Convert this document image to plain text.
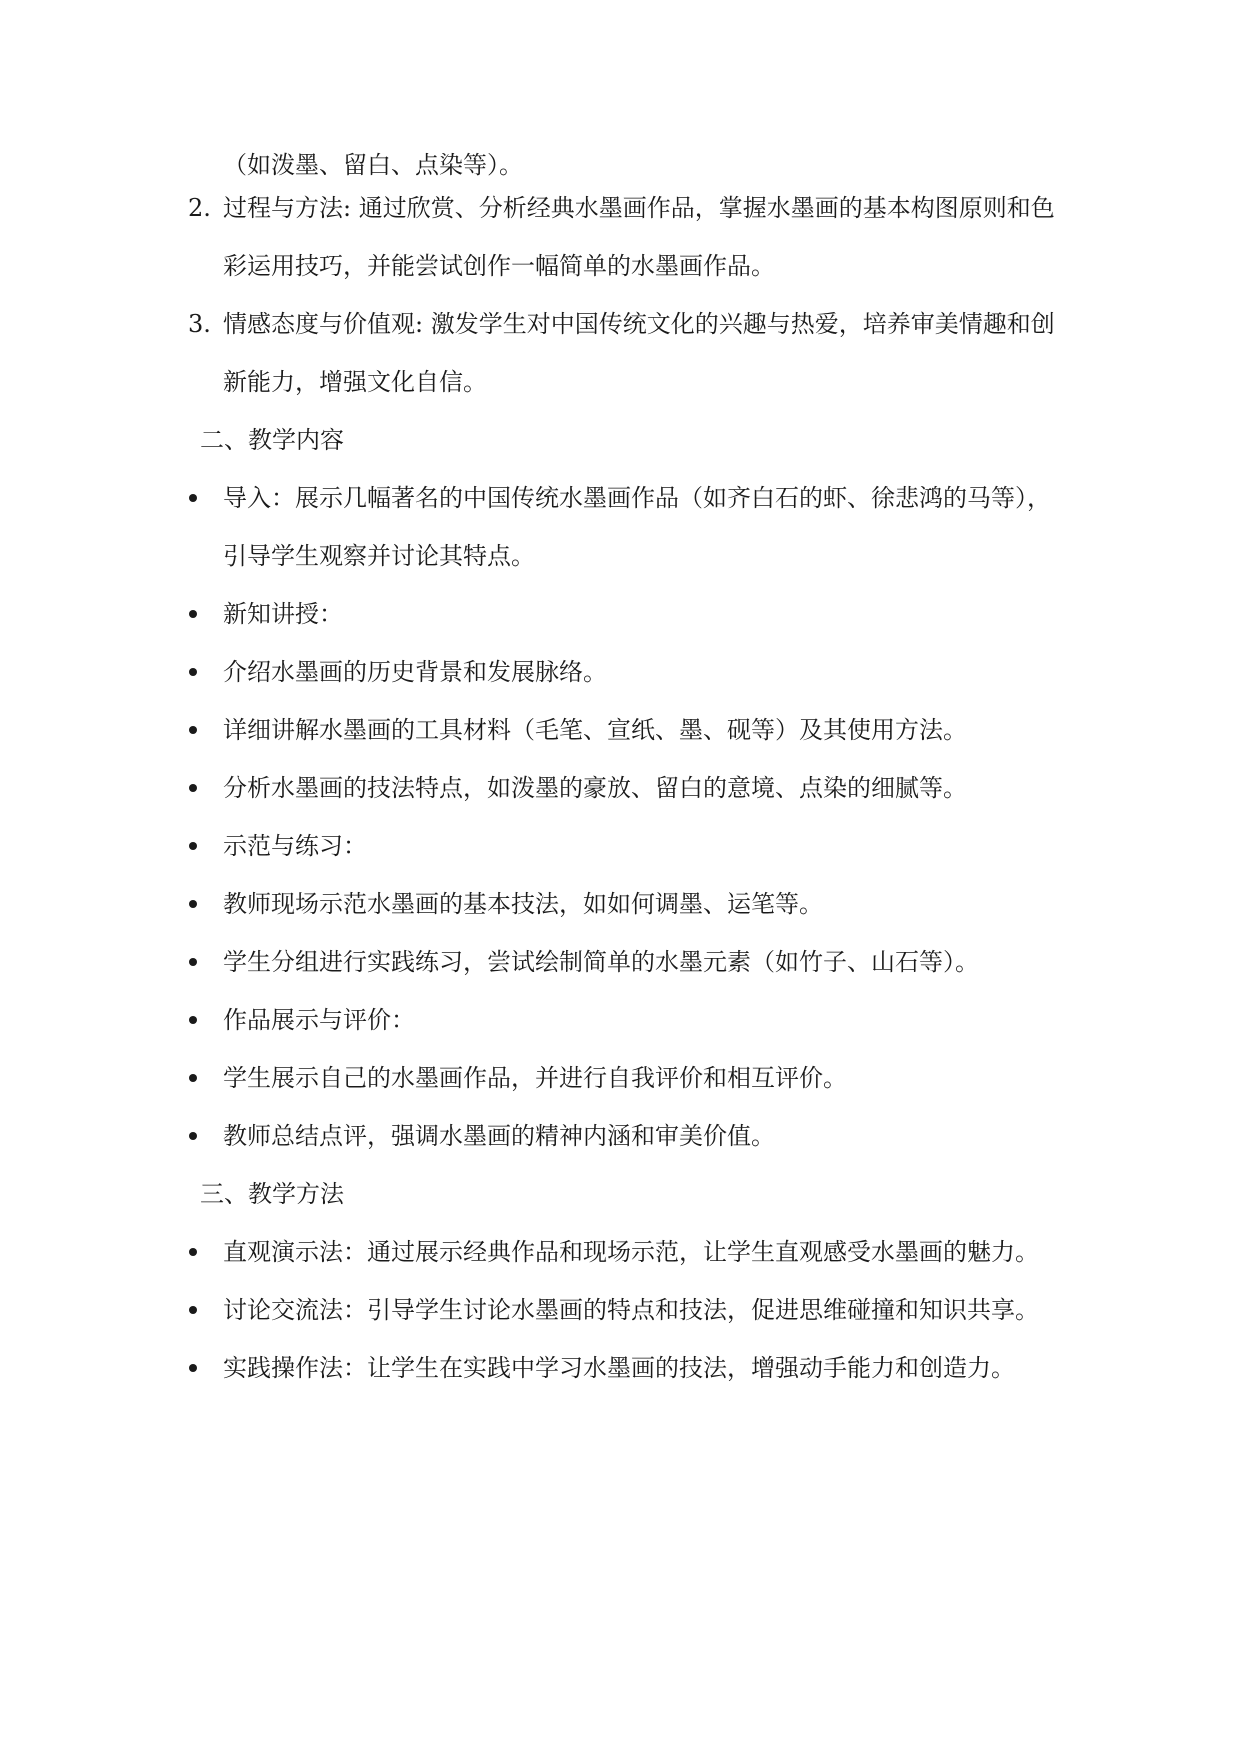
（如泼墨、留白、点染等）。
2. 过程与方法: 通过欣赏、分析经典水墨画作品，掌握水墨画的基本构图原则和色
彩运用技巧，并能尝试创作一幅简单的水墨画作品。
3. 情感态度与价值观: 激发学生对中国传统文化的兴趣与热爱，培养审美情趣和创
新能力，增强文化自信。
二、教学内容
导入：展示几幅著名的中国传统水墨画作品（如齐白石的虾、徐悲鸿的马等），
引导学生观察并讨论其特点。
新知讲授：
介绍水墨画的历史背景和发展脉络。
详细讲解水墨画的工具材料（毛笔、宣纸、墨、砚等）及其使用方法。
分析水墨画的技法特点，如泼墨的豪放、留白的意境、点染的细腻等。
示范与练习：
教师现场示范水墨画的基本技法，如如何调墨、运笔等。
学生分组进行实践练习，尝试绘制简单的水墨元素（如竹子、山石等）。
作品展示与评价：
学生展示自己的水墨画作品，并进行自我评价和相互评价。
教师总结点评，强调水墨画的精神内涵和审美价值。
三、教学方法
直观演示法：通过展示经典作品和现场示范，让学生直观感受水墨画的魅力。
讨论交流法：引导学生讨论水墨画的特点和技法，促进思维碰撞和知识共享。
实践操作法：让学生在实践中学习水墨画的技法，增强动手能力和创造力。
